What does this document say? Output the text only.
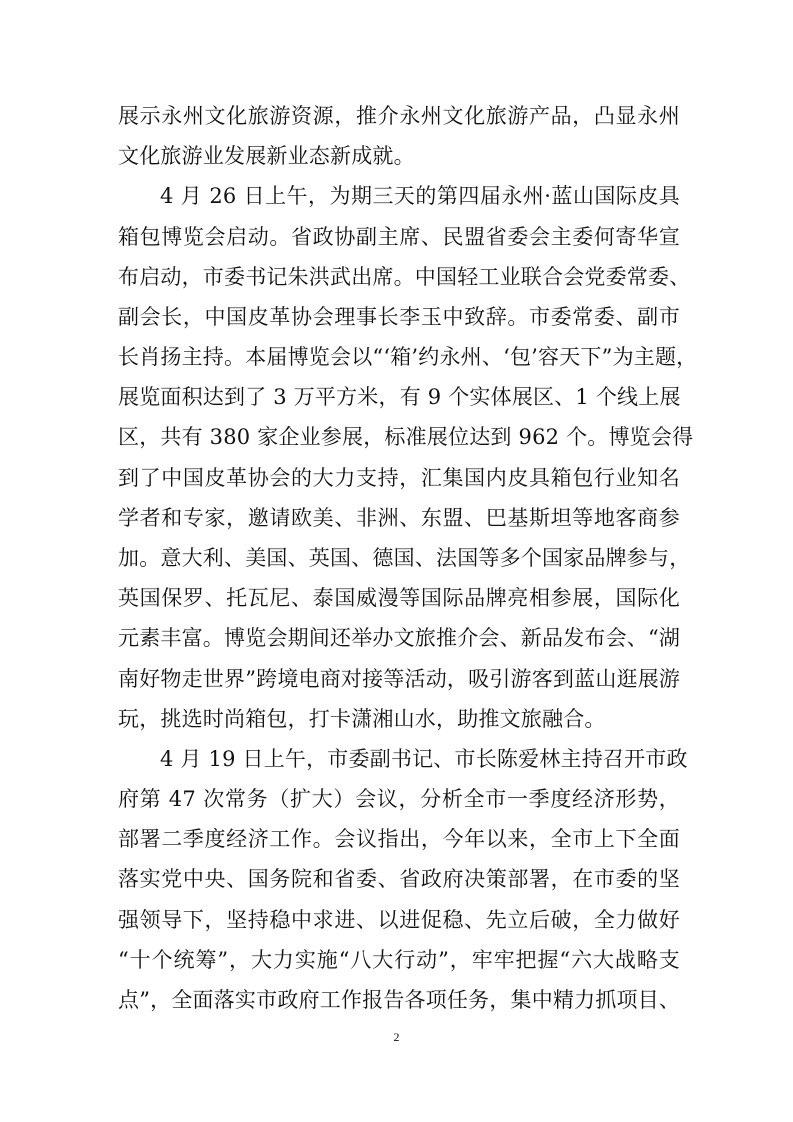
展示永州文化旅游资源，推介永州文化旅游产品，凸显永州
文化旅游业发展新业态新成就。
4 月 26 日上午，为期三天的第四届永州·蓝山国际皮具
箱包博览会启动。省政协副主席、民盟省委会主委何寄华宣
布启动，市委书记朱洪武出席。中国轻工业联合会党委常委、
副会长，中国皮革协会理事长李玉中致辞。市委常委、副市
长肖扬主持。本届博览会以“‘箱’约永州、‘包’容天下”为主题，
展览面积达到了 3 万平方米，有 9 个实体展区、1 个线上展
区，共有 380 家企业参展，标准展位达到 962 个。博览会得
到了中国皮革协会的大力支持，汇集国内皮具箱包行业知名
学者和专家，邀请欧美、非洲、东盟、巴基斯坦等地客商参
加。意大利、美国、英国、德国、法国等多个国家品牌参与，
英国保罗、托瓦尼、泰国威漫等国际品牌亮相参展，国际化
元素丰富。博览会期间还举办文旅推介会、新品发布会、“湖
南好物走世界”跨境电商对接等活动，吸引游客到蓝山逛展游
玩，挑选时尚箱包，打卡潇湘山水，助推文旅融合。
4 月 19 日上午，市委副书记、市长陈爱林主持召开市政
府第 47 次常务（扩大）会议，分析全市一季度经济形势，
部署二季度经济工作。会议指出，今年以来，全市上下全面
落实党中央、国务院和省委、省政府决策部署，在市委的坚
强领导下，坚持稳中求进、以进促稳、先立后破，全力做好
“十个统筹”，大力实施“八大行动”，牢牢把握“六大战略支
点”，全面落实市政府工作报告各项任务，集中精力抓项目、
2
